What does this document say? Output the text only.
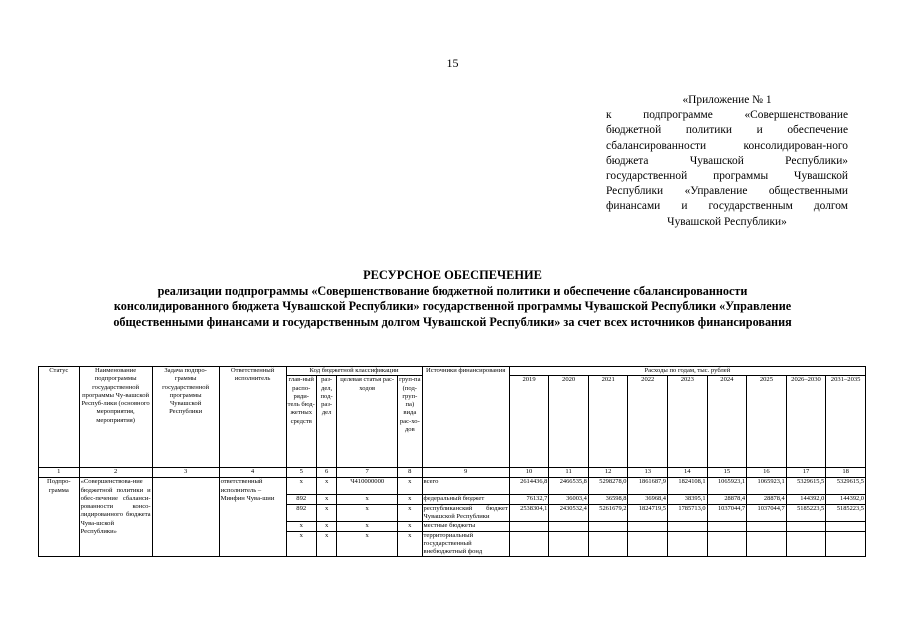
15
«Приложение № 1
к подпрограмме «Совершенствование бюджетной политики и обеспечение сбалансированности консолидирован-ного бюджета Чувашской Республики» государственной программы Чувашской Республики «Управление общественными финансами и государственным долгом Чувашской Республики»
РЕСУРСНОЕ ОБЕСПЕЧЕНИЕ
реализации подпрограммы «Совершенствование бюджетной политики и обеспечение сбалансированности
консолидированного бюджета Чувашской Республики» государственной программы Чувашской Республики «Управление
общественными финансами и государственным долгом Чувашской Республики» за счет всех источников финансирования
Статус	Наименование подпрограммы государственной программы Чу-вашской Респуб-лики (основного мероприятия, мероприятия)	Задача подпро-граммы государственной программы Чувашской Республики	Ответственный исполнитель	Код бюджетной классификации				Источники финансирования	Расходы по годам, тыс. рублей								
				глав-ный распо-ряди-тель бюд-жетных средств	раз-дел, под-раз-дел	целевая статья рас-ходов	груп-па (под-груп-па) вида рас-хо-дов		2019	2020	2021	2022	2023	2024	2025	2026–2030	2031–2035
1	2	3	4	5	6	7	8	9	10	11	12	13	14	15	16	17	18
Подпро-грамма	«Совершенствова-ние бюджетной политики и обес-печение сбаланси-рованности консо-лидированного бюджета Чува-шской Республики»		ответственный исполнитель –	х	х	Ч410000000	х	всего	2614436,8	2466535,8	5298278,0	1861687,9	1824108,1	1065923,1	1065923,1	5329615,5	5329615,5
			Минфин Чува-шии	892	х	х	х	федеральный бюджет	76132,7	36003,4	36598,8	36968,4	38395,1	28878,4	28878,4	144392,0	144392,0
				892	х	х	х	республиканский бюджет Чувашской Республики	2538304,1	2430532,4	5261679,2	1824719,5	1785713,0	1037044,7	1037044,7	5185223,5	5185223,5
				х	х	х	х	местные бюджеты									
				х	х	х	х	территориальный государственный внебюджетный фонд									
